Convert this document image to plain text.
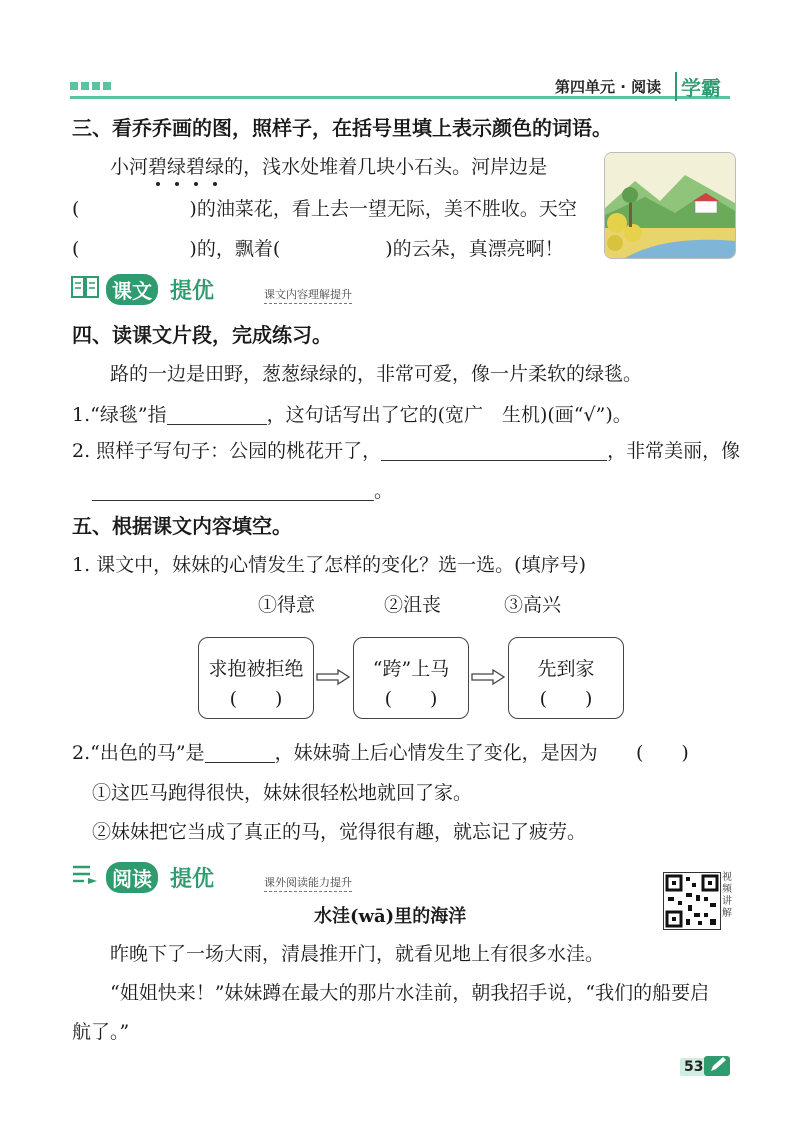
第四单元 · 阅读 学霸
三、看乔乔画的图，照样子，在括号里填上表示颜色的词语。
小河碧绿碧绿的，浅水处堆着几块小石头。河岸边是
(	)的油菜花，看上去一望无际，美不胜收。天空
(	)的，飘着(	)的云朵，真漂亮啊！
课文 提优	课文内容理解提升
四、读课文片段，完成练习。
路的一边是田野，葱葱绿绿的，非常可爱，像一片柔软的绿毯。
1.“绿毯”指	，这句话写出了它的(宽广　生机)(画“√”)。
2. 照样子写句子：公园的桃花开了，	，非常美丽，像
。
五、根据课文内容填空。
1. 课文中，妹妹的心情发生了怎样的变化？选一选。(填序号)
①得意	②沮丧	③高兴
求抱被拒绝
(　　)
“跨”上马
(　　)
先到家
(　　)
2.“出色的马”是	，妹妹骑上后心情发生了变化，是因为 (　　)
①这匹马跑得很快，妹妹很轻松地就回了家。
②妹妹把它当成了真正的马，觉得很有趣，就忘记了疲劳。
阅读 提优	课外阅读能力提升	视频讲解
水洼(wā)里的海洋
昨晚下了一场大雨，清晨推开门，就看见地上有很多水洼。
“姐姐快来！”妹妹蹲在最大的那片水洼前，朝我招手说，“我们的船要启
航了。”
53
